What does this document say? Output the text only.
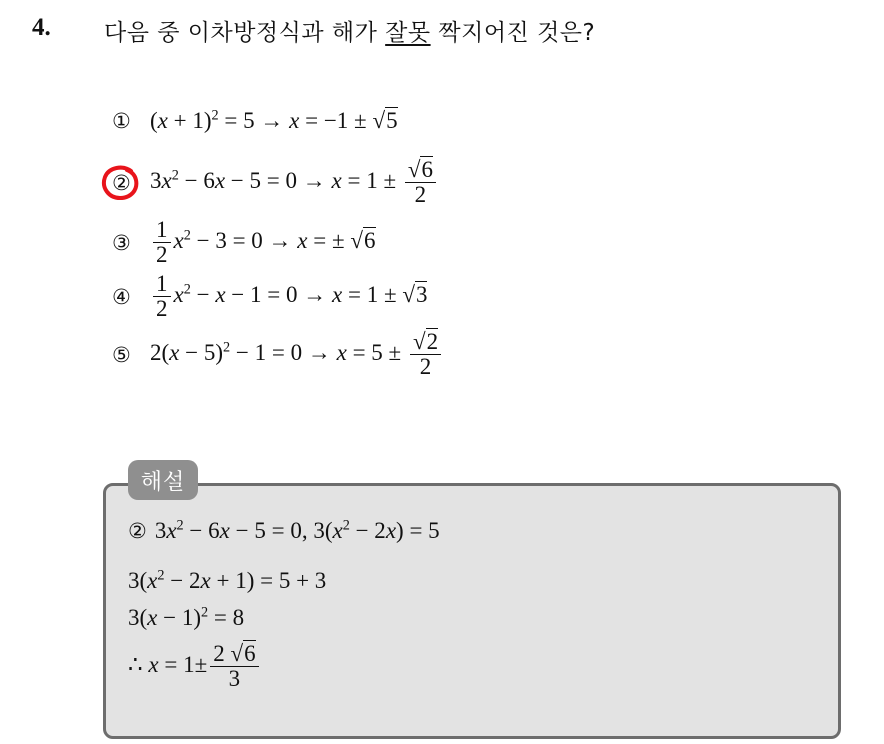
4. 다음 중 이차방정식과 해가 잘못 짝지어진 것은?
① $(x + 1)^2 = 5 \to x = -1 \pm √5$
② $3x^2 - 6x - 5 = 0 \to x = 1 \pm \frac{√6}{2}$
③ $\frac{1}{2} x^2 - 3 = 0 \to x$ = ± √6
④ $\frac{1}{2} x^2 - x - 1 = 0 \to x = 1 \pm √3$
⑤ $2(x - 5)^2 - 1 = 0 \to x = 5 \pm \frac{√2}{2}$
해설
② $3x^2 - 6x - 5 = 0$, $3(x^2 - 2x) = 5$
$3(x^2 - 2x + 1) = 5 + 3$
$3(x - 1)^2 = 8$
∴ $x = 1\pm \frac{2 √6}{3}$
